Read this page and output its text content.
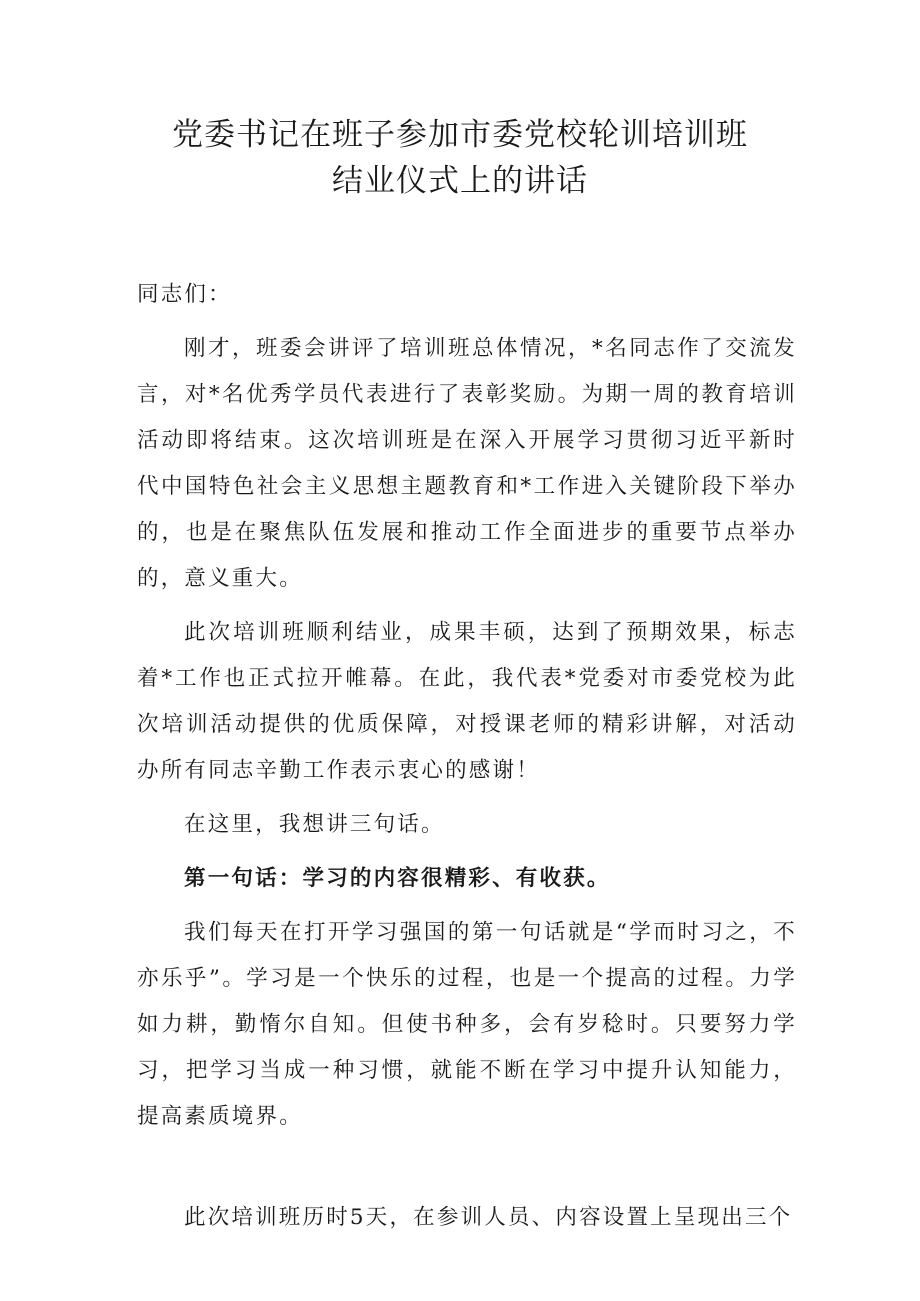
党委书记在班子参加市委党校轮训培训班
结业仪式上的讲话

同志们：

刚才，班委会讲评了培训班总体情况，*名同志作了交流发言，对*名优秀学员代表进行了表彰奖励。为期一周的教育培训活动即将结束。这次培训班是在深入开展学习贯彻习近平新时代中国特色社会主义思想主题教育和*工作进入关键阶段下举办的，也是在聚焦队伍发展和推动工作全面进步的重要节点举办的，意义重大。

此次培训班顺利结业，成果丰硕，达到了预期效果，标志着*工作也正式拉开帷幕。在此，我代表*党委对市委党校为此次培训活动提供的优质保障，对授课老师的精彩讲解，对活动办所有同志辛勤工作表示衷心的感谢！

在这里，我想讲三句话。

第一句话：学习的内容很精彩、有收获。

我们每天在打开学习强国的第一句话就是“学而时习之，不亦乐乎”。学习是一个快乐的过程，也是一个提高的过程。力学如力耕，勤惰尔自知。但使书种多，会有岁稔时。只要努力学习，把学习当成一种习惯，就能不断在学习中提升认知能力，提高素质境界。

此次培训班历时5天，在参训人员、内容设置上呈现出三个
